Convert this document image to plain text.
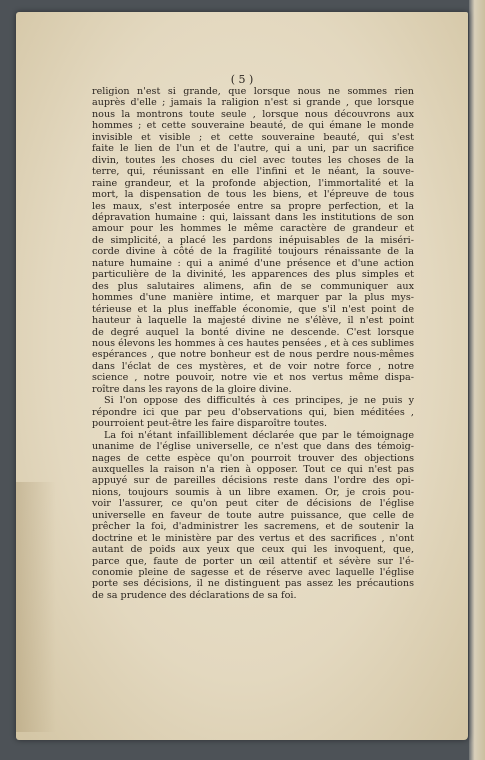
( 5 )
religion n'est si grande, que lorsque nous ne sommes rien
auprès d'elle ; jamais la raligion n'est si grande , que lorsque
nous la montrons toute seule , lorsque nous découvrons aux
hommes ; et cette souveraine beauté, de qui émane le monde
invisible et visible ; et cette souveraine beauté, qui s'est
faite le lien de l'un et de l'autre, qui a uni, par un sacrifice
divin, toutes les choses du ciel avec toutes les choses de la
terre, qui, réunissant en elle l'infini et le néant, la souve-
raine grandeur, et la profonde abjection, l'immortalité et la
mort, la dispensation de tous les biens, et l'épreuve de tous
les maux, s'est interposée entre sa propre perfection, et la
dépravation humaine : qui, laissant dans les institutions de son
amour pour les hommes le même caractère de grandeur et
de simplicité, a placé les pardons inépuisables de la miséri-
corde divine à côté de la fragilité toujours rénaissante de la
nature humaine : qui a animé d'une présence et d'une action
particulière de la divinité, les apparences des plus simples et
des plus salutaires alimens, afin de se communiquer aux
hommes d'une manière intime, et marquer par la plus mys-
térieuse et la plus ineffable économie, que s'il n'est point de
hauteur à laquelle la majesté divine ne s'élève, il n'est point
de degré auquel la bonté divine ne descende. C'est lorsque
nous élevons les hommes à ces hautes pensées , et à ces sublimes
espérances , que notre bonheur est de nous perdre nous-mêmes
dans l'éclat de ces mystères, et de voir notre force , notre
science , notre pouvoir, notre vie et nos vertus même dispa-
roître dans les rayons de la gloire divine.
Si l'on oppose des difficultés à ces principes, je ne puis y
répondre ici que par peu d'observations qui, bien méditées ,
pourroient peut-être les faire disparoître toutes.
La foi n'étant infailliblement déclarée que par le témoignage
unanime de l'église universelle, ce n'est que dans des témoig-
nages de cette espèce qu'on pourroit trouver des objections
auxquelles la raison n'a rien à opposer. Tout ce qui n'est pas
appuyé sur de pareilles décisions reste dans l'ordre des opi-
nions, toujours soumis à un libre examen. Or, je crois pou-
voir l'assurer, ce qu'on peut citer de décisions de l'église
universelle en faveur de toute autre puissance, que celle de
prêcher la foi, d'administrer les sacremens, et de soutenir la
doctrine et le ministère par des vertus et des sacrifices , n'ont
autant de poids aux yeux que ceux qui les invoquent, que,
parce que, faute de porter un œil attentif et sévère sur l'é-
conomie pleine de sagesse et de réserve avec laquelle l'église
porte ses décisions, il ne distinguent pas assez les précautions
de sa prudence des déclarations de sa foi.
